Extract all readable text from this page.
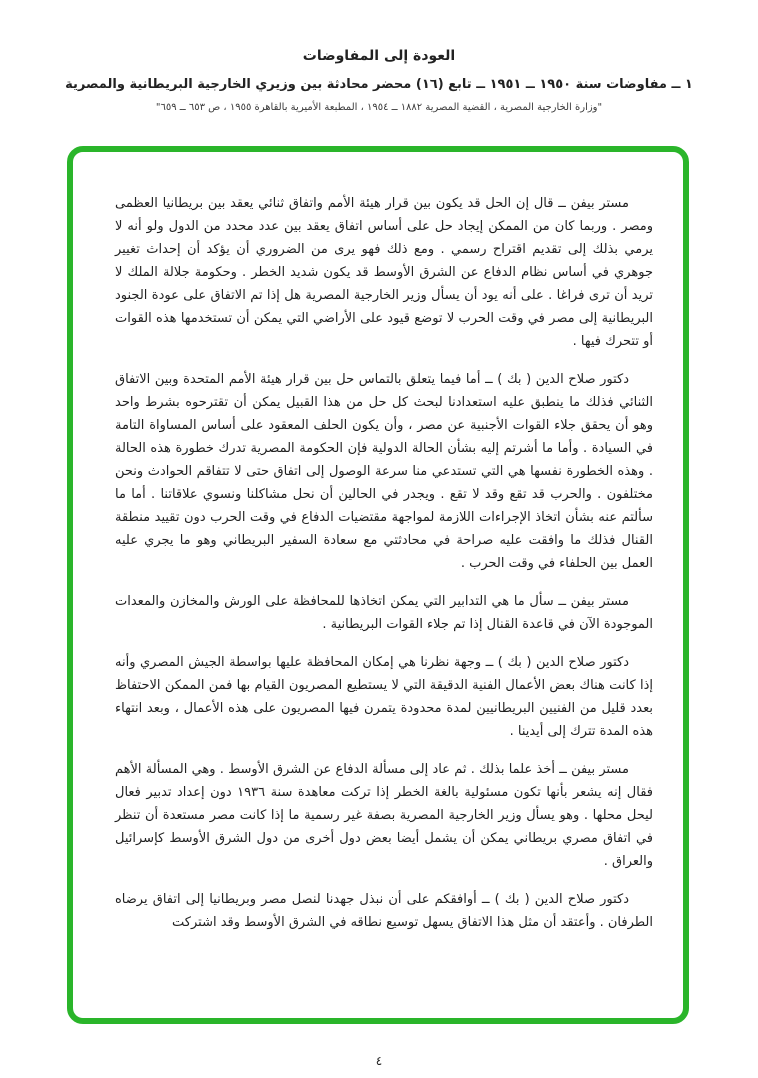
العودة إلى المفاوضات
١ ــ مفاوضات سنة ١٩٥٠ ــ ١٩٥١ ــ تابع (١٦) محضر محادثة بين وزيري الخارجية البريطانية والمصرية
"وزارة الخارجية المصرية ، القضية المصرية ١٨٨٢ ــ ١٩٥٤ ، المطبعة الأميرية بالقاهرة ١٩٥٥ ، ص ٦٥٣ ــ ٦٥٩"

مستر بيفن ــ قال إن الحل قد يكون بين قرار هيئة الأمم واتفاق ثنائي يعقد بين بريطانيا العظمى ومصر . وربما كان من الممكن إيجاد حل على أساس اتفاق يعقد بين عدد محدد من الدول ولو أنه لا يرمي بذلك إلى تقديم اقتراح رسمي . ومع ذلك فهو يرى من الضروري أن يؤكد أن إحداث تغيير جوهري في أساس نظام الدفاع عن الشرق الأوسط قد يكون شديد الخطر . وحكومة جلالة الملك لا تريد أن ترى فراغا . على أنه يود أن يسأل وزير الخارجية المصرية هل إذا تم الاتفاق على عودة الجنود البريطانية إلى مصر في وقت الحرب لا توضع قيود على الأراضي التي يمكن أن تستخدمها هذه القوات أو تتحرك فيها .

دكتور صلاح الدين ( بك ) ــ أما فيما يتعلق بالتماس حل بين قرار هيئة الأمم المتحدة وبين الاتفاق الثنائي فذلك ما ينطبق عليه استعدادنا لبحث كل حل من هذا القبيل يمكن أن تقترحوه بشرط واحد وهو أن يحقق جلاء القوات الأجنبية عن مصر ، وأن يكون الحلف المعقود على أساس المساواة التامة في السيادة . وأما ما أشرتم إليه بشأن الحالة الدولية فإن الحكومة المصرية تدرك خطورة هذه الحالة . وهذه الخطورة نفسها هي التي تستدعي منا سرعة الوصول إلى اتفاق حتى لا تتفاقم الحوادث ونحن مختلفون . والحرب قد تقع وقد لا تقع . ويجدر في الحالين أن نحل مشاكلنا ونسوي علاقاتنا . أما ما سألتم عنه بشأن اتخاذ الإجراءات اللازمة لمواجهة مقتضيات الدفاع في وقت الحرب دون تقييد منطقة القنال فذلك ما وافقت عليه صراحة في محادثتي مع سعادة السفير البريطاني وهو ما يجري عليه العمل بين الحلفاء في وقت الحرب .

مستر بيفن ــ سأل ما هي التدابير التي يمكن اتخاذها للمحافظة على الورش والمخازن والمعدات الموجودة الآن في قاعدة القنال إذا تم جلاء القوات البريطانية .

دكتور صلاح الدين ( بك ) ــ وجهة نظرنا هي إمكان المحافظة عليها بواسطة الجيش المصري وأنه إذا كانت هناك بعض الأعمال الفنية الدقيقة التي لا يستطيع المصريون القيام بها فمن الممكن الاحتفاظ بعدد قليل من الفنيين البريطانيين لمدة محدودة يتمرن فيها المصريون على هذه الأعمال ، وبعد انتهاء هذه المدة تترك إلى أيدينا .

مستر بيفن ــ أخذ علما بذلك . ثم عاد إلى مسألة الدفاع عن الشرق الأوسط . وهي المسألة الأهم فقال إنه يشعر بأنها تكون مسئولية بالغة الخطر إذا تركت معاهدة سنة ١٩٣٦ دون إعداد تدبير فعال ليحل محلها . وهو يسأل وزير الخارجية المصرية بصفة غير رسمية ما إذا كانت مصر مستعدة أن تنظر في اتفاق مصري بريطاني يمكن أن يشمل أيضا بعض دول أخرى من دول الشرق الأوسط كإسرائيل والعراق .

دكتور صلاح الدين ( بك ) ــ أوافقكم على أن نبذل جهدنا لنصل مصر وبريطانيا إلى اتفاق يرضاه الطرفان . وأعتقد أن مثل هذا الاتفاق يسهل توسيع نطاقه في الشرق الأوسط وقد اشتركت

٤
